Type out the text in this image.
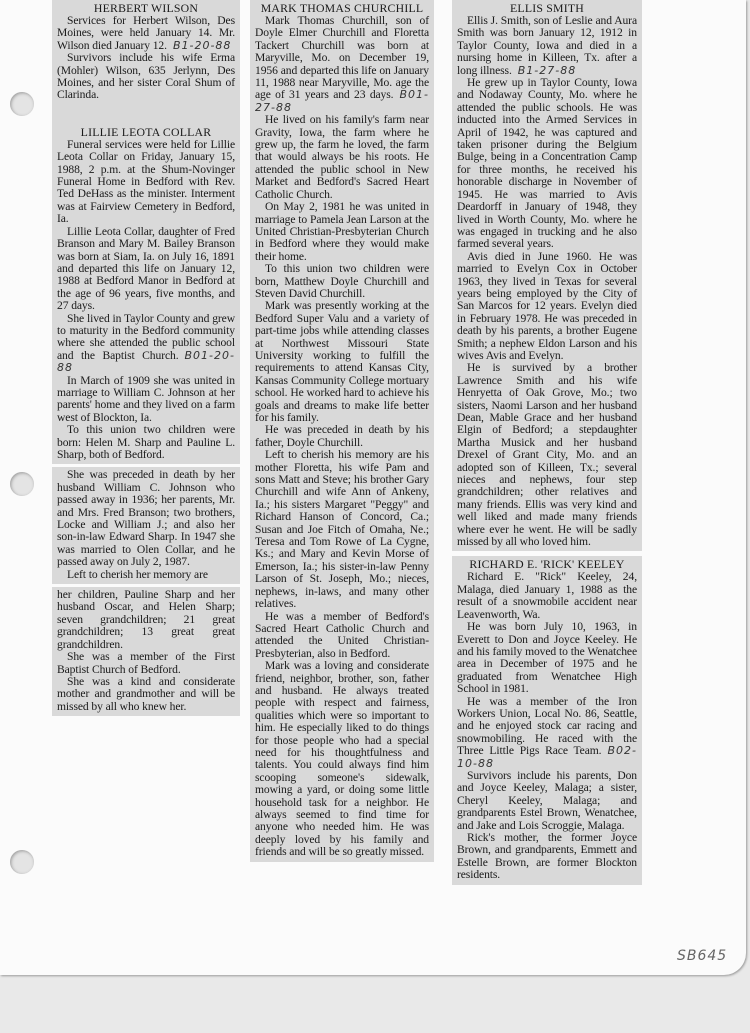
HERBERT WILSON

Services for Herbert Wilson, Des Moines, were held January 14. Mr. Wilson died January 12. B1-20-88

Survivors include his wife Erma (Mohler) Wilson, 635 Jerlynn, Des Moines, and her sister Coral Shum of Clarinda.

LILLIE LEOTA COLLAR

Funeral services were held for Lillie Leota Collar on Friday, January 15, 1988, 2 p.m. at the Shum-Novinger Funeral Home in Bedford with Rev. Ted DeHass as the minister. Interment was at Fairview Cemetery in Bedford, Ia.

Lillie Leota Collar, daughter of Fred Branson and Mary M. Bailey Branson was born at Siam, Ia. on July 16, 1891 and departed this life on January 12, 1988 at Bedford Manor in Bedford at the age of 96 years, five months, and 27 days.

She lived in Taylor County and grew to maturity in the Bedford community where she attended the public school and the Baptist Church. B01-20-88

In March of 1909 she was united in marriage to William C. Johnson at her parents' home and they lived on a farm west of Blockton, Ia.

To this union two children were born: Helen M. Sharp and Pauline L. Sharp, both of Bedford.

She was preceded in death by her husband William C. Johnson who passed away in 1936; her parents, Mr. and Mrs. Fred Branson; two brothers, Locke and William J.; and also her son-in-law Edward Sharp. In 1947 she was married to Olen Collar, and he passed away on July 2, 1987.

Left to cherish her memory are

her children, Pauline Sharp and her husband Oscar, and Helen Sharp; seven grandchildren; 21 great grandchildren; 13 great great grandchildren.

She was a member of the First Baptist Church of Bedford.

She was a kind and considerate mother and grandmother and will be missed by all who knew her.

MARK THOMAS CHURCHILL

Mark Thomas Churchill, son of Doyle Elmer Churchill and Floretta Tackert Churchill was born at Maryville, Mo. on December 19, 1956 and departed this life on January 11, 1988 near Maryville, Mo. age the age of 31 years and 23 days. B01-27-88

He lived on his family's farm near Gravity, Iowa, the farm where he grew up, the farm he loved, the farm that would always be his roots. He attended the public school in New Market and Bedford's Sacred Heart Catholic Church.

On May 2, 1981 he was united in marriage to Pamela Jean Larson at the United Christian-Presbyterian Church in Bedford where they would make their home.

To this union two children were born, Matthew Doyle Churchill and Steven David Churchill.

Mark was presently working at the Bedford Super Valu and a variety of part-time jobs while attending classes at Northwest Missouri State University working to fulfill the requirements to attend Kansas City, Kansas Community College mortuary school. He worked hard to achieve his goals and dreams to make life better for his family.

He was preceded in death by his father, Doyle Churchill.

Left to cherish his memory are his mother Floretta, his wife Pam and sons Matt and Steve; his brother Gary Churchill and wife Ann of Ankeny, Ia.; his sisters Margaret "Peggy" and Richard Hanson of Concord, Ca.; Susan and Joe Fitch of Omaha, Ne.; Teresa and Tom Rowe of La Cygne, Ks.; and Mary and Kevin Morse of Emerson, Ia.; his sister-in-law Penny Larson of St. Joseph, Mo.; nieces, nephews, in-laws, and many other relatives.

He was a member of Bedford's Sacred Heart Catholic Church and attended the United Christian-Presbyterian, also in Bedford.

Mark was a loving and considerate friend, neighbor, brother, son, father and husband. He always treated people with respect and fairness, qualities which were so important to him. He especially liked to do things for those people who had a special need for his thoughtfulness and talents. You could always find him scooping someone's sidewalk, mowing a yard, or doing some little household task for a neighbor. He always seemed to find time for anyone who needed him. He was deeply loved by his family and friends and will be so greatly missed.

ELLIS SMITH

Ellis J. Smith, son of Leslie and Aura Smith was born January 12, 1912 in Taylor County, Iowa and died in a nursing home in Killeen, Tx. after a long illness. B1-27-88

He grew up in Taylor County, Iowa and Nodaway County, Mo. where he attended the public schools. He was inducted into the Armed Services in April of 1942, he was captured and taken prisoner during the Belgium Bulge, being in a Concentration Camp for three months, he received his honorable discharge in November of 1945. He was married to Avis Deardorff in January of 1948, they lived in Worth County, Mo. where he was engaged in trucking and he also farmed several years.

Avis died in June 1960. He was married to Evelyn Cox in October 1963, they lived in Texas for several years being employed by the City of San Marcos for 12 years. Evelyn died in February 1978. He was preceded in death by his parents, a brother Eugene Smith; a nephew Eldon Larson and his wives Avis and Evelyn.

He is survived by a brother Lawrence Smith and his wife Henryetta of Oak Grove, Mo.; two sisters, Naomi Larson and her husband Dean, Mable Grace and her husband Elgin of Bedford; a stepdaughter Martha Musick and her husband Drexel of Grant City, Mo. and an adopted son of Killeen, Tx.; several nieces and nephews, four step grandchildren; other relatives and many friends. Ellis was very kind and well liked and made many friends where ever he went. He will be sadly missed by all who loved him.

RICHARD E. 'RICK' KEELEY

Richard E. "Rick" Keeley, 24, Malaga, died January 1, 1988 as the result of a snowmobile accident near Leavenworth, Wa.

He was born July 10, 1963, in Everett to Don and Joyce Keeley. He and his family moved to the Wenatchee area in December of 1975 and he graduated from Wenatchee High School in 1981.

He was a member of the Iron Workers Union, Local No. 86, Seattle, and he enjoyed stock car racing and snowmobiling. He raced with the Three Little Pigs Race Team. B02-10-88

Survivors include his parents, Don and Joyce Keeley, Malaga; a sister, Cheryl Keeley, Malaga; and grandparents Estel Brown, Wenatchee, and Jake and Lois Scroggie, Malaga.

Rick's mother, the former Joyce Brown, and grandparents, Emmett and Estelle Brown, are former Blockton residents.

SB645
